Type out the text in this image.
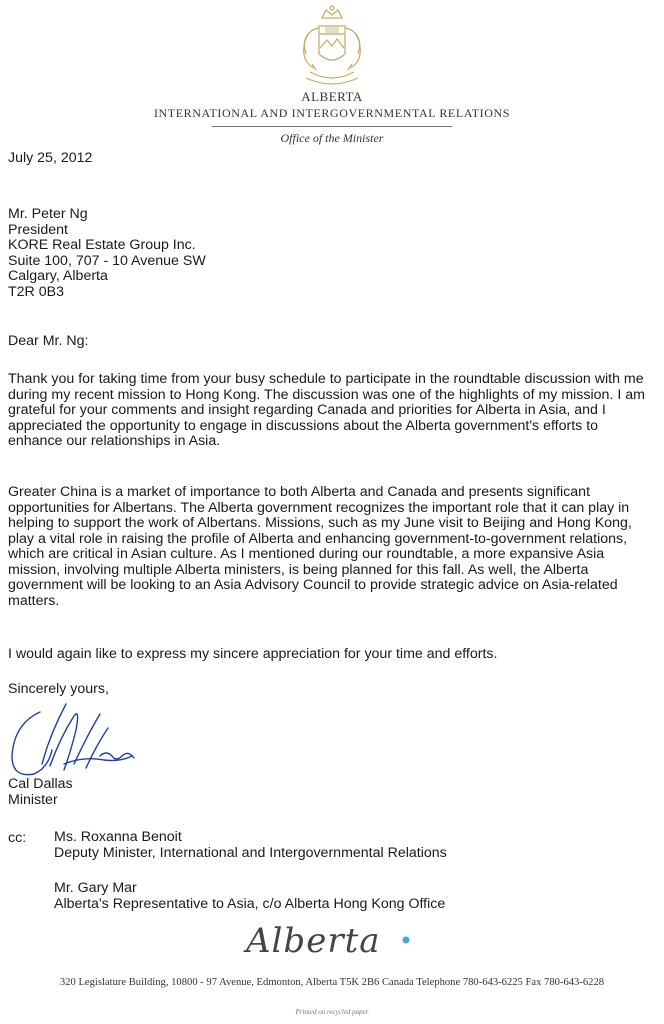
ALBERTA
INTERNATIONAL AND INTERGOVERNMENTAL RELATIONS
Office of the Minister
July 25, 2012
Mr. Peter Ng
President
KORE Real Estate Group Inc.
Suite 100, 707 - 10 Avenue SW
Calgary, Alberta
T2R 0B3
Dear Mr. Ng:

Thank you for taking time from your busy schedule to participate in the roundtable discussion with me during my recent mission to Hong Kong. The discussion was one of the highlights of my mission. I am grateful for your comments and insight regarding Canada and priorities for Alberta in Asia, and I appreciated the opportunity to engage in discussions about the Alberta government's efforts to enhance our relationships in Asia.

Greater China is a market of importance to both Alberta and Canada and presents significant opportunities for Albertans. The Alberta government recognizes the important role that it can play in helping to support the work of Albertans. Missions, such as my June visit to Beijing and Hong Kong, play a vital role in raising the profile of Alberta and enhancing government-to-government relations, which are critical in Asian culture. As I mentioned during our roundtable, a more expansive Asia mission, involving multiple Alberta ministers, is being planned for this fall. As well, the Alberta government will be looking to an Asia Advisory Council to provide strategic advice on Asia-related matters.

I would again like to express my sincere appreciation for your time and efforts.

Sincerely yours,
Cal Dallas
Minister
cc: Ms. Roxanna Benoit
Deputy Minister, International and Intergovernmental Relations
Mr. Gary Mar
Alberta's Representative to Asia, c/o Alberta Hong Kong Office
Alberta
320 Legislature Building, 10800 - 97 Avenue, Edmonton, Alberta T5K 2B6 Canada Telephone 780-643-6225 Fax 780-643-6228
Printed on recycled paper
